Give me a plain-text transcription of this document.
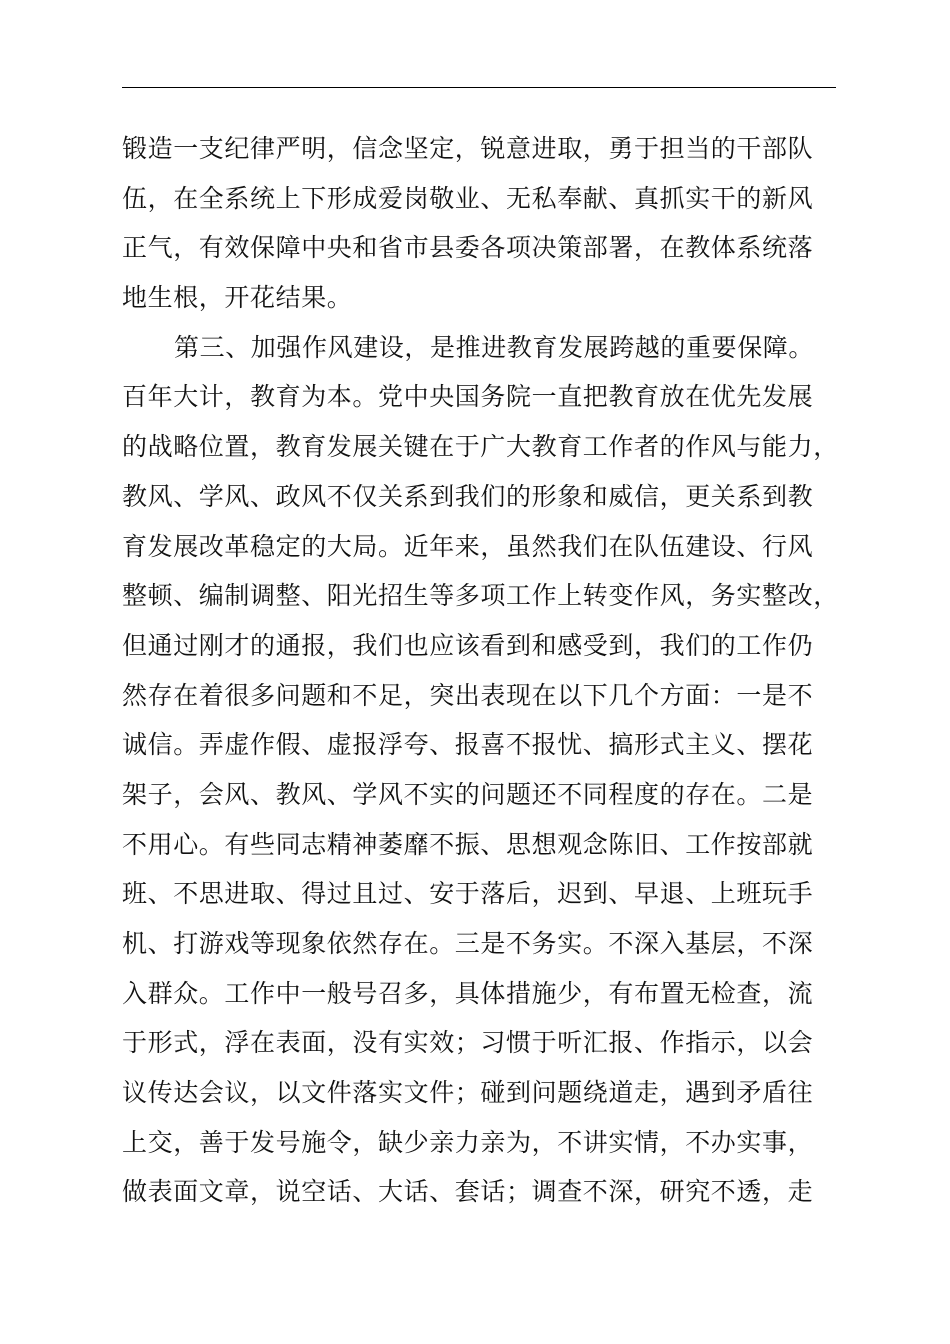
锻造一支纪律严明，信念坚定，锐意进取，勇于担当的干部队
伍，在全系统上下形成爱岗敬业、无私奉献、真抓实干的新风
正气，有效保障中央和省市县委各项决策部署，在教体系统落
地生根，开花结果。
第三、加强作风建设，是推进教育发展跨越的重要保障。
百年大计，教育为本。党中央国务院一直把教育放在优先发展
的战略位置，教育发展关键在于广大教育工作者的作风与能力，
教风、学风、政风不仅关系到我们的形象和威信，更关系到教
育发展改革稳定的大局。近年来，虽然我们在队伍建设、行风
整顿、编制调整、阳光招生等多项工作上转变作风，务实整改，
但通过刚才的通报，我们也应该看到和感受到，我们的工作仍
然存在着很多问题和不足，突出表现在以下几个方面：一是不
诚信。弄虚作假、虚报浮夸、报喜不报忧、搞形式主义、摆花
架子，会风、教风、学风不实的问题还不同程度的存在。二是
不用心。有些同志精神萎靡不振、思想观念陈旧、工作按部就
班、不思进取、得过且过、安于落后，迟到、早退、上班玩手
机、打游戏等现象依然存在。三是不务实。不深入基层，不深
入群众。工作中一般号召多，具体措施少，有布置无检查，流
于形式，浮在表面，没有实效；习惯于听汇报、作指示，以会
议传达会议，以文件落实文件；碰到问题绕道走，遇到矛盾往
上交，善于发号施令，缺少亲力亲为，不讲实情，不办实事，
做表面文章，说空话、大话、套话；调查不深，研究不透，走
